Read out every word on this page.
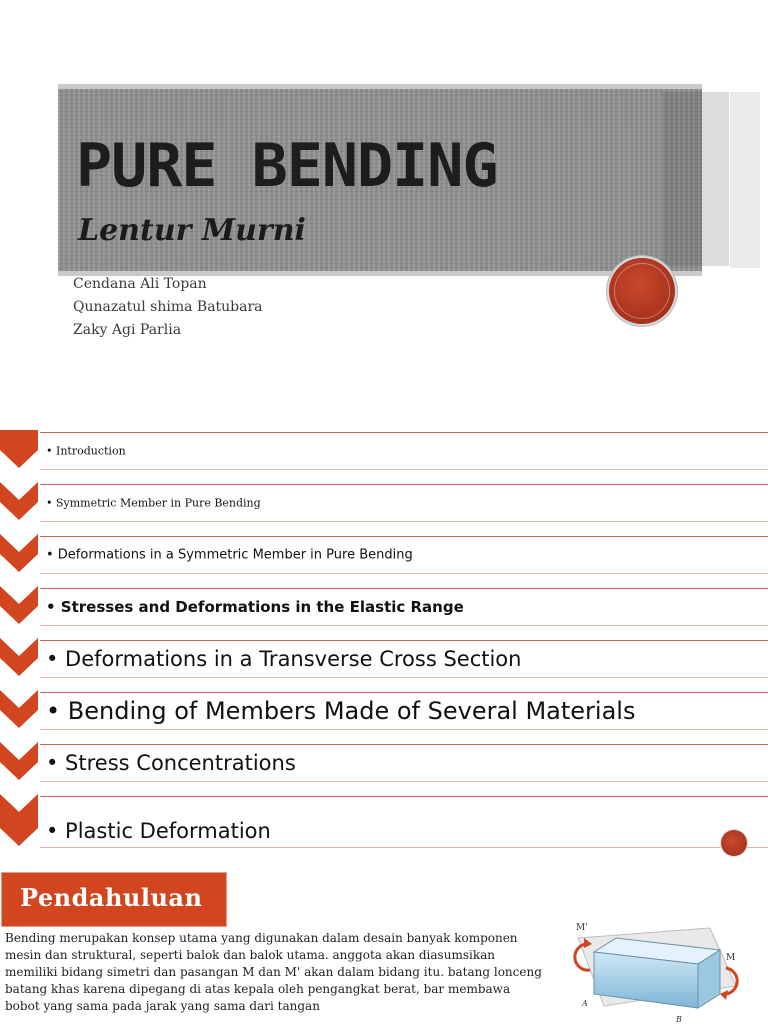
PURE BENDING
Lentur Murni
Cendana Ali Topan
Qunazatul shima Batubara
Zaky Agi Parlia
• Introduction
• Symmetric Member in Pure Bending
• Deformations in a Symmetric Member in Pure Bending
• Stresses and Deformations in the Elastic Range
• Deformations in a Transverse Cross Section
• Bending of Members Made of Several Materials
• Stress Concentrations
• Plastic Deformation
Pendahuluan

Bending merupakan konsep utama yang digunakan dalam desain banyak komponen mesin dan struktural, seperti balok dan balok utama. anggota akan diasumsikan memiliki bidang simetri dan pasangan M dan M' akan dalam bidang itu. batang lonceng batang khas karena dipegang di atas kepala oleh pengangkat berat, bar membawa bobot yang sama pada jarak yang sama dari tangan

M'
M
A
B
